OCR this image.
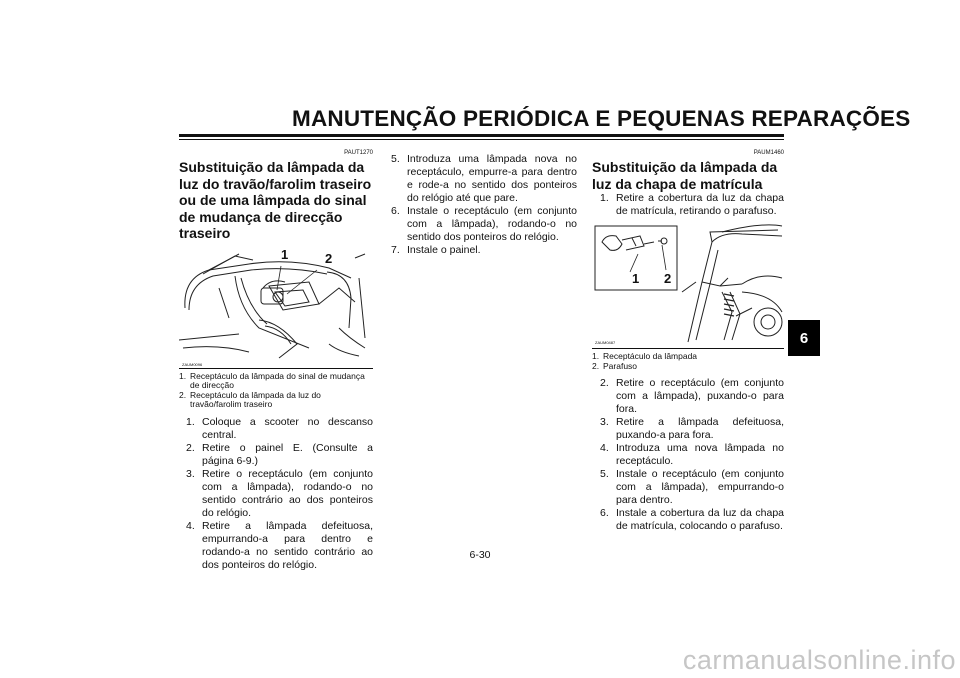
MANUTENÇÃO PERIÓDICA E PEQUENAS REPARAÇÕES
6
PAUT1270
Substituição da lâmpada da luz do travão/farolim traseiro ou de uma lâmpada do sinal de mudança de direcção traseiro
1	2
ZAUM0096
1. Receptáculo da lâmpada do sinal de mudança de direcção
2. Receptáculo da lâmpada da luz do travão/farolim traseiro
1. Coloque a scooter no descanso central.
2. Retire o painel E. (Consulte a página 6-9.)
3. Retire o receptáculo (em conjunto com a lâmpada), rodando-o no sentido contrário ao dos ponteiros do relógio.
4. Retire a lâmpada defeituosa, empurrando-a para dentro e rodando-a no sentido contrário ao dos ponteiros do relógio.
5. Introduza uma lâmpada nova no receptáculo, empurre-a para dentro e rode-a no sentido dos ponteiros do relógio até que pare.
6. Instale o receptáculo (em conjunto com a lâmpada), rodando-o no sentido dos ponteiros do relógio.
7. Instale o painel.
PAUM1460
Substituição da lâmpada da luz da chapa de matrícula
1. Retire a cobertura da luz da chapa de matrícula, retirando o parafuso.
1 2
ZAUM0487
1. Receptáculo da lâmpada
2. Parafuso
2. Retire o receptáculo (em conjunto com a lâmpada), puxando-o para fora.
3. Retire a lâmpada defeituosa, puxando-a para fora.
4. Introduza uma nova lâmpada no receptáculo.
5. Instale o receptáculo (em conjunto com a lâmpada), empurrando-o para dentro.
6. Instale a cobertura da luz da chapa de matrícula, colocando o parafuso.
6-30
carmanualsonline.info
